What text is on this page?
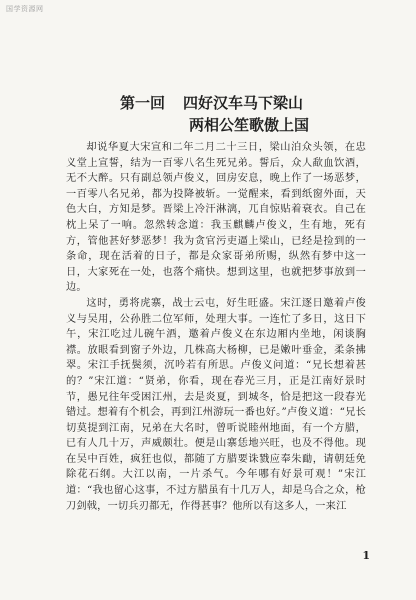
国学资源网
第一回 四好汉车马下梁山
两相公笙歌傲上国

却说华夏大宋宣和二年二月二十三日，梁山泊众头领，在忠义堂上宣誓，结为一百零八名生死兄弟。誓后，众人歃血饮酒，无不大醉。只有副总领卢俊义，回房安息，晚上作了一场恶梦，一百零八名兄弟，都为投降被斩。一觉醒来，看到纸窗外面，天色大白，方知是梦。晋梁上冷汗淋漓，兀自惊贴着衰衣。自己在枕上呆了一响。忽然转念道：我玉麒麟卢俊义，生有地，死有方，管他甚好梦恶梦！我为贪官污吏逼上梁山，已经是捡到的一条命，现在活着的日子，都是众家哥弟所赐，纵然有梦中这一日，大家死在一处，也落个痛快。想到这里，也就把梦事放到一边。

这时，勇将虎寨，战士云屯，好生旺盛。宋江逐日邀着卢俊义与吴用，公孙胜二位军师，处理大事。一连忙了多日，这日下午，宋江吃过儿碗午酒，邀着卢俊义在东边厢内坐地，闲谈胸襟。放眼看到窗子外边，几株高大杨柳，已是嫩叶垂金，柔条拂翠。宋江手抚鬓须，沉吟若有所思。卢俊义问道：“兄长想着甚的？”宋江道：“贤弟，你看，现在春光三月，正是江南好景时节，愚兄往年受困江州，去是炎夏，到城冬，恰是把这一段春光错过。想着有个机会，再到江州游玩一番也好。”卢俊义道：“兄长切莫提到江南，兄弟在大名时，曾听说睦州地面，有一个方腊，已有人几十万，声威颇壮。便是山寨恁地兴旺，也及不得他。现在吴中百姓，疯狂也似，都随了方腊要诛戮应奉朱勔，请朝廷免除花石纲。大江以南，一片杀气。今年哪有好景可观！”宋江道：“我也留心这事，不过方腊虽有十几万人，却是乌合之众，枪刀剑戟，一切兵刃都无，作得甚事？他所以有这多人，一来江

1
